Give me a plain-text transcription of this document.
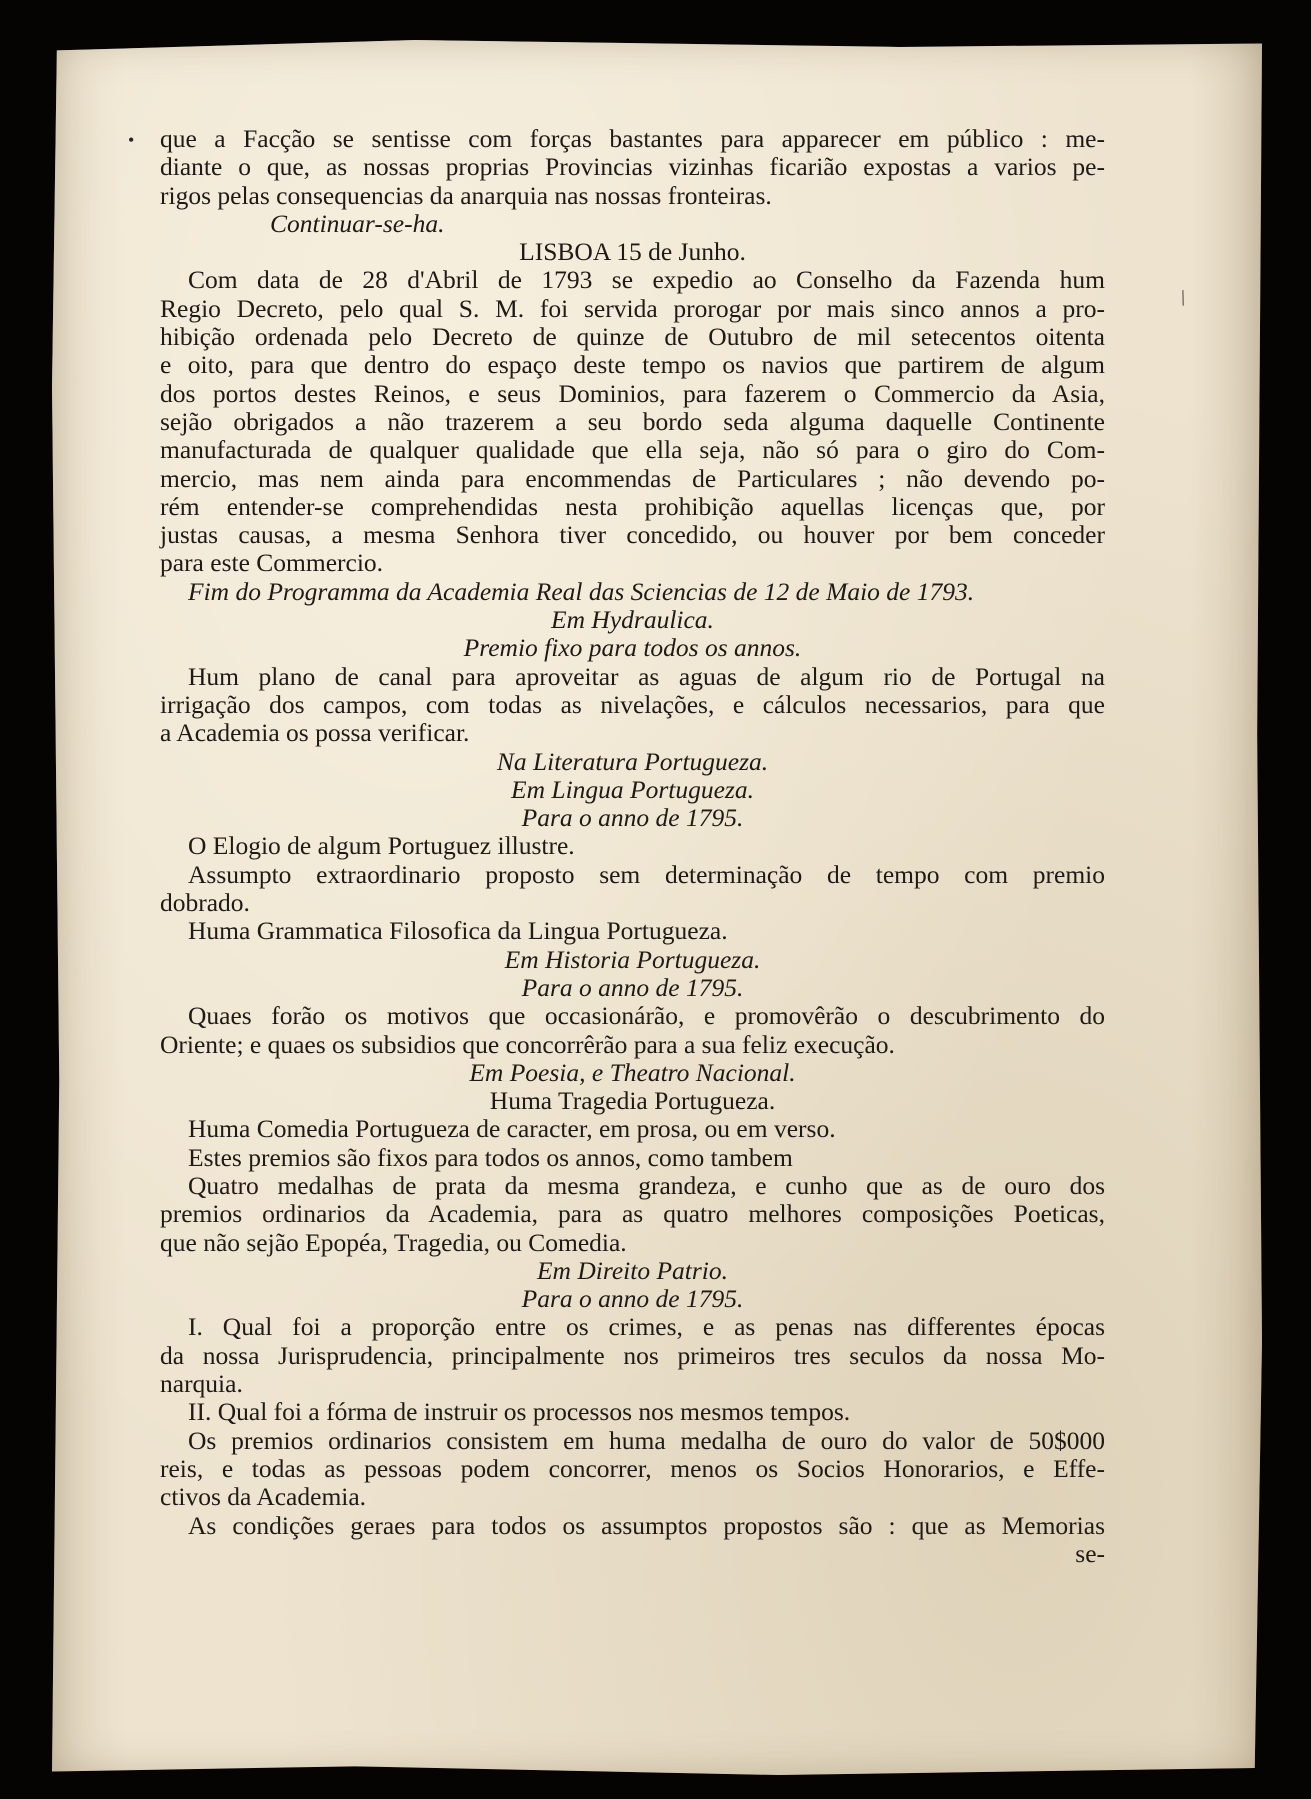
•
/
que a Facção se sentisse com forças bastantes para apparecer em público : me-
diante o que, as nossas proprias Provincias vizinhas ficarião expostas a varios pe-
rigos pelas consequencias da anarquia nas nossas fronteiras.
Continuar-se-ha.
LISBOA 15 de Junho.
Com data de 28 d'Abril de 1793 se expedio ao Conselho da Fazenda hum
Regio Decreto, pelo qual S. M. foi servida prorogar por mais sinco annos a pro-
hibição ordenada pelo Decreto de quinze de Outubro de mil setecentos oitenta
e oito, para que dentro do espaço deste tempo os navios que partirem de algum
dos portos destes Reinos, e seus Dominios, para fazerem o Commercio da Asia,
sejão obrigados a não trazerem a seu bordo seda alguma daquelle Continente
manufacturada de qualquer qualidade que ella seja, não só para o giro do Com-
mercio, mas nem ainda para encommendas de Particulares ; não devendo po-
rém entender-se comprehendidas nesta prohibição aquellas licenças que, por
justas causas, a mesma Senhora tiver concedido, ou houver por bem conceder
para este Commercio.
Fim do Programma da Academia Real das Sciencias de 12 de Maio de 1793.
Em Hydraulica.
Premio fixo para todos os annos.
Hum plano de canal para aproveitar as aguas de algum rio de Portugal na
irrigação dos campos, com todas as nivelações, e cálculos necessarios, para que
a Academia os possa verificar.
Na Literatura Portugueza.
Em Lingua Portugueza.
Para o anno de 1795.
O Elogio de algum Portuguez illustre.
Assumpto extraordinario proposto sem determinação de tempo com premio
dobrado.
Huma Grammatica Filosofica da Lingua Portugueza.
Em Historia Portugueza.
Para o anno de 1795.
Quaes forão os motivos que occasionárão, e promovêrão o descubrimento do
Oriente; e quaes os subsidios que concorrêrão para a sua feliz execução.
Em Poesia, e Theatro Nacional.
Huma Tragedia Portugueza.
Huma Comedia Portugueza de caracter, em prosa, ou em verso.
Estes premios são fixos para todos os annos, como tambem
Quatro medalhas de prata da mesma grandeza, e cunho que as de ouro dos
premios ordinarios da Academia, para as quatro melhores composições Poeticas,
que não sejão Epopéa, Tragedia, ou Comedia.
Em Direito Patrio.
Para o anno de 1795.
I. Qual foi a proporção entre os crimes, e as penas nas differentes épocas
da nossa Jurisprudencia, principalmente nos primeiros tres seculos da nossa Mo-
narquia.
II. Qual foi a fórma de instruir os processos nos mesmos tempos.
Os premios ordinarios consistem em huma medalha de ouro do valor de 50$000
reis, e todas as pessoas podem concorrer, menos os Socios Honorarios, e Effe-
ctivos da Academia.
As condições geraes para todos os assumptos propostos são : que as Memorias
se-
